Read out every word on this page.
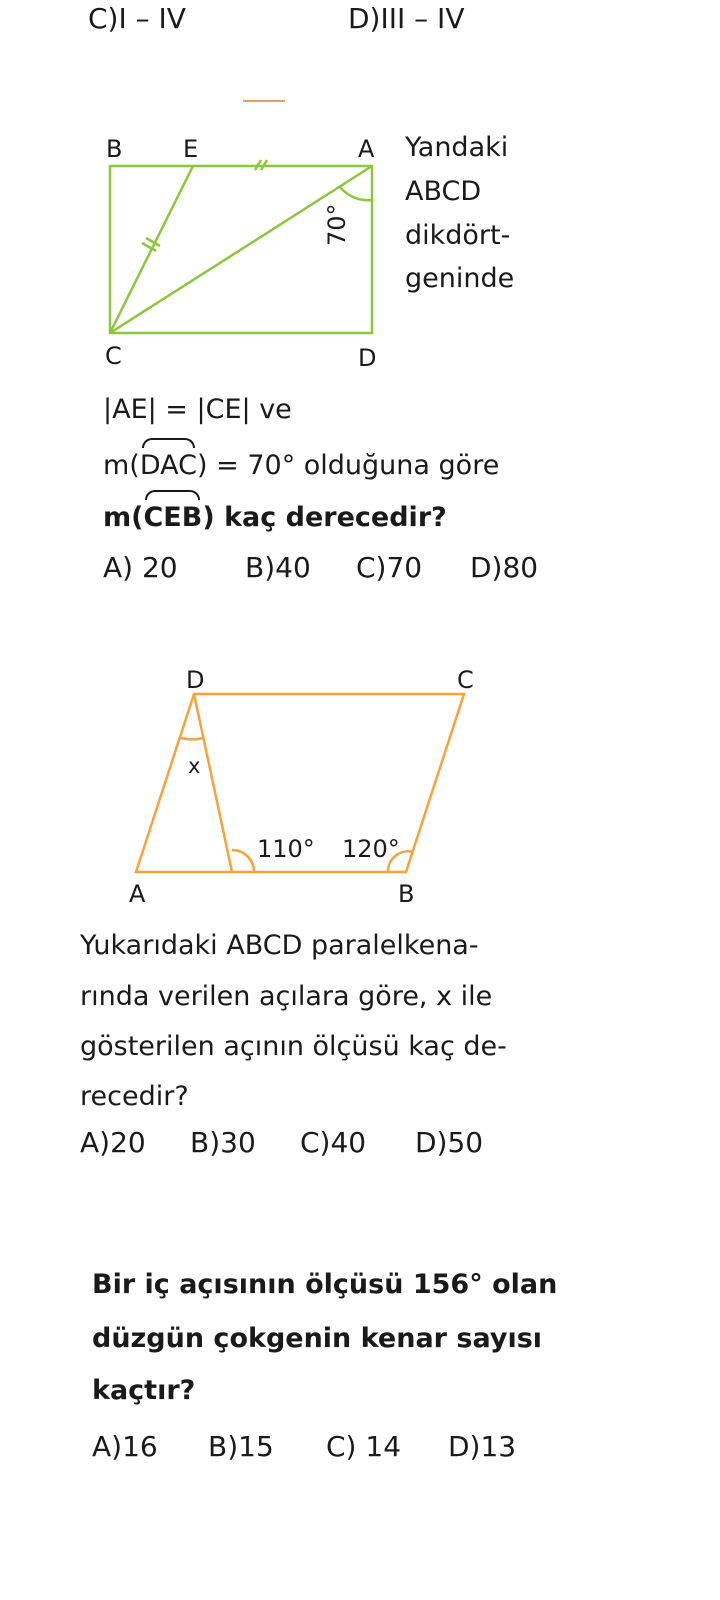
C)I – IV	D)III – IV
B	E	A
C	D
70°
Yandaki
ABCD
dikdört-
geninde
|AE| = |CE| ve
m(DAC) = 70° olduğuna göre
m(CEB) kaç derecedir?
A) 20 B)40 C)70 D)80
D	C
A	B
x
110° 120°
Yukarıdaki ABCD paralelkena-
rında verilen açılara göre, x ile
gösterilen açının ölçüsü kaç de-
recedir?
A)20 B)30 C)40 D)50
Bir iç açısının ölçüsü 156° olan
düzgün çokgenin kenar sayısı
kaçtır?
A)16 B)15 C) 14 D)13
